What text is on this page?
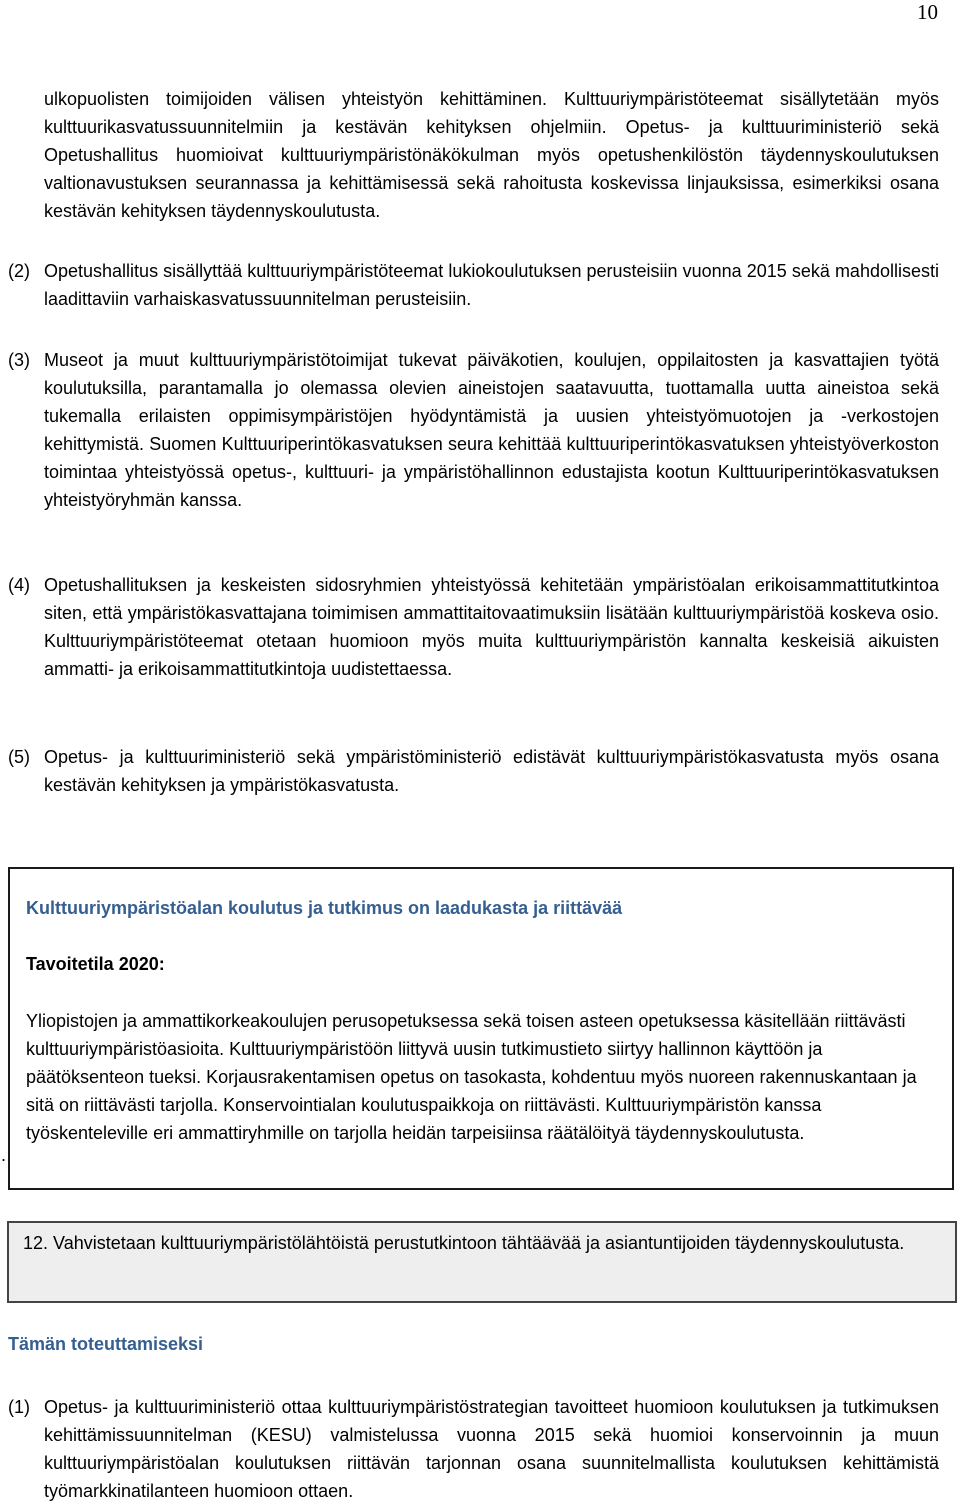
10
ulkopuolisten toimijoiden välisen yhteistyön kehittäminen. Kulttuuriympäristöteemat sisällytetään myös kulttuurikasvatussuunnitelmiin ja kestävän kehityksen ohjelmiin. Opetus- ja kulttuuriministeriö sekä Opetushallitus huomioivat kulttuuriympäristönäkökulman myös opetushenkilöstön täydennyskoulutuksen valtionavustuksen seurannassa ja kehittämisessä sekä rahoitusta koskevissa linjauksissa, esimerkiksi osana kestävän kehityksen täydennyskoulutusta.
(2) Opetushallitus sisällyttää kulttuuriympäristöteemat lukiokoulutuksen perusteisiin vuonna 2015 sekä mahdollisesti laadittaviin varhaiskasvatussuunnitelman perusteisiin.
(3) Museot ja muut kulttuuriympäristötoimijat tukevat päiväkotien, koulujen, oppilaitosten ja kasvattajien työtä koulutuksilla, parantamalla jo olemassa olevien aineistojen saatavuutta, tuottamalla uutta aineistoa sekä tukemalla erilaisten oppimisympäristöjen hyödyntämistä ja uusien yhteistyömuotojen ja -verkostojen kehittymistä. Suomen Kulttuuriperintökasvatuksen seura kehittää kulttuuriperintökasvatuksen yhteistyöverkoston toimintaa yhteistyössä opetus-, kulttuuri- ja ympäristöhallinnon edustajista kootun Kulttuuriperintökasvatuksen yhteistyöryhmän kanssa.
(4) Opetushallituksen ja keskeisten sidosryhmien yhteistyössä kehitetään ympäristöalan erikoisammattitutkintoa siten, että ympäristökasvattajana toimimisen ammattitaitovaatimuksiin lisätään kulttuuriympäristöä koskeva osio. Kulttuuriympäristöteemat otetaan huomioon myös muita kulttuuriympäristön kannalta keskeisiä aikuisten ammatti- ja erikoisammattitutkintoja uudistettaessa.
(5) Opetus- ja kulttuuriministeriö sekä ympäristöministeriö edistävät kulttuuriympäristökasvatusta myös osana kestävän kehityksen ja ympäristökasvatusta.
Kulttuuriympäristöalan koulutus ja tutkimus on laadukasta ja riittävää
Tavoitetila 2020:
Yliopistojen ja ammattikorkeakoulujen perusopetuksessa sekä toisen asteen opetuksessa käsitellään riittävästi kulttuuriympäristöasioita. Kulttuuriympäristöön liittyvä uusin tutkimustieto siirtyy hallinnon käyttöön ja päätöksenteon tueksi. Korjausrakentamisen opetus on tasokasta, kohdentuu myös nuoreen rakennuskantaan ja sitä on riittävästi tarjolla. Konservointialan koulutuspaikkoja on riittävästi. Kulttuuriympäristön kanssa työskenteleville eri ammattiryhmille on tarjolla heidän tarpeisiinsa räätälöityä täydennyskoulutusta.
.
12. Vahvistetaan kulttuuriympäristölähtöistä perustutkintoon tähtäävää ja asiantuntijoiden täydennyskoulutusta.
Tämän toteuttamiseksi
(1) Opetus- ja kulttuuriministeriö ottaa kulttuuriympäristöstrategian tavoitteet huomioon koulutuksen ja tutkimuksen kehittämissuunnitelman (KESU) valmistelussa vuonna 2015 sekä huomioi konservoinnin ja muun kulttuuriympäristöalan koulutuksen riittävän tarjonnan osana suunnitelmallista koulutuksen kehittämistä työmarkkinatilanteen huomioon ottaen.
